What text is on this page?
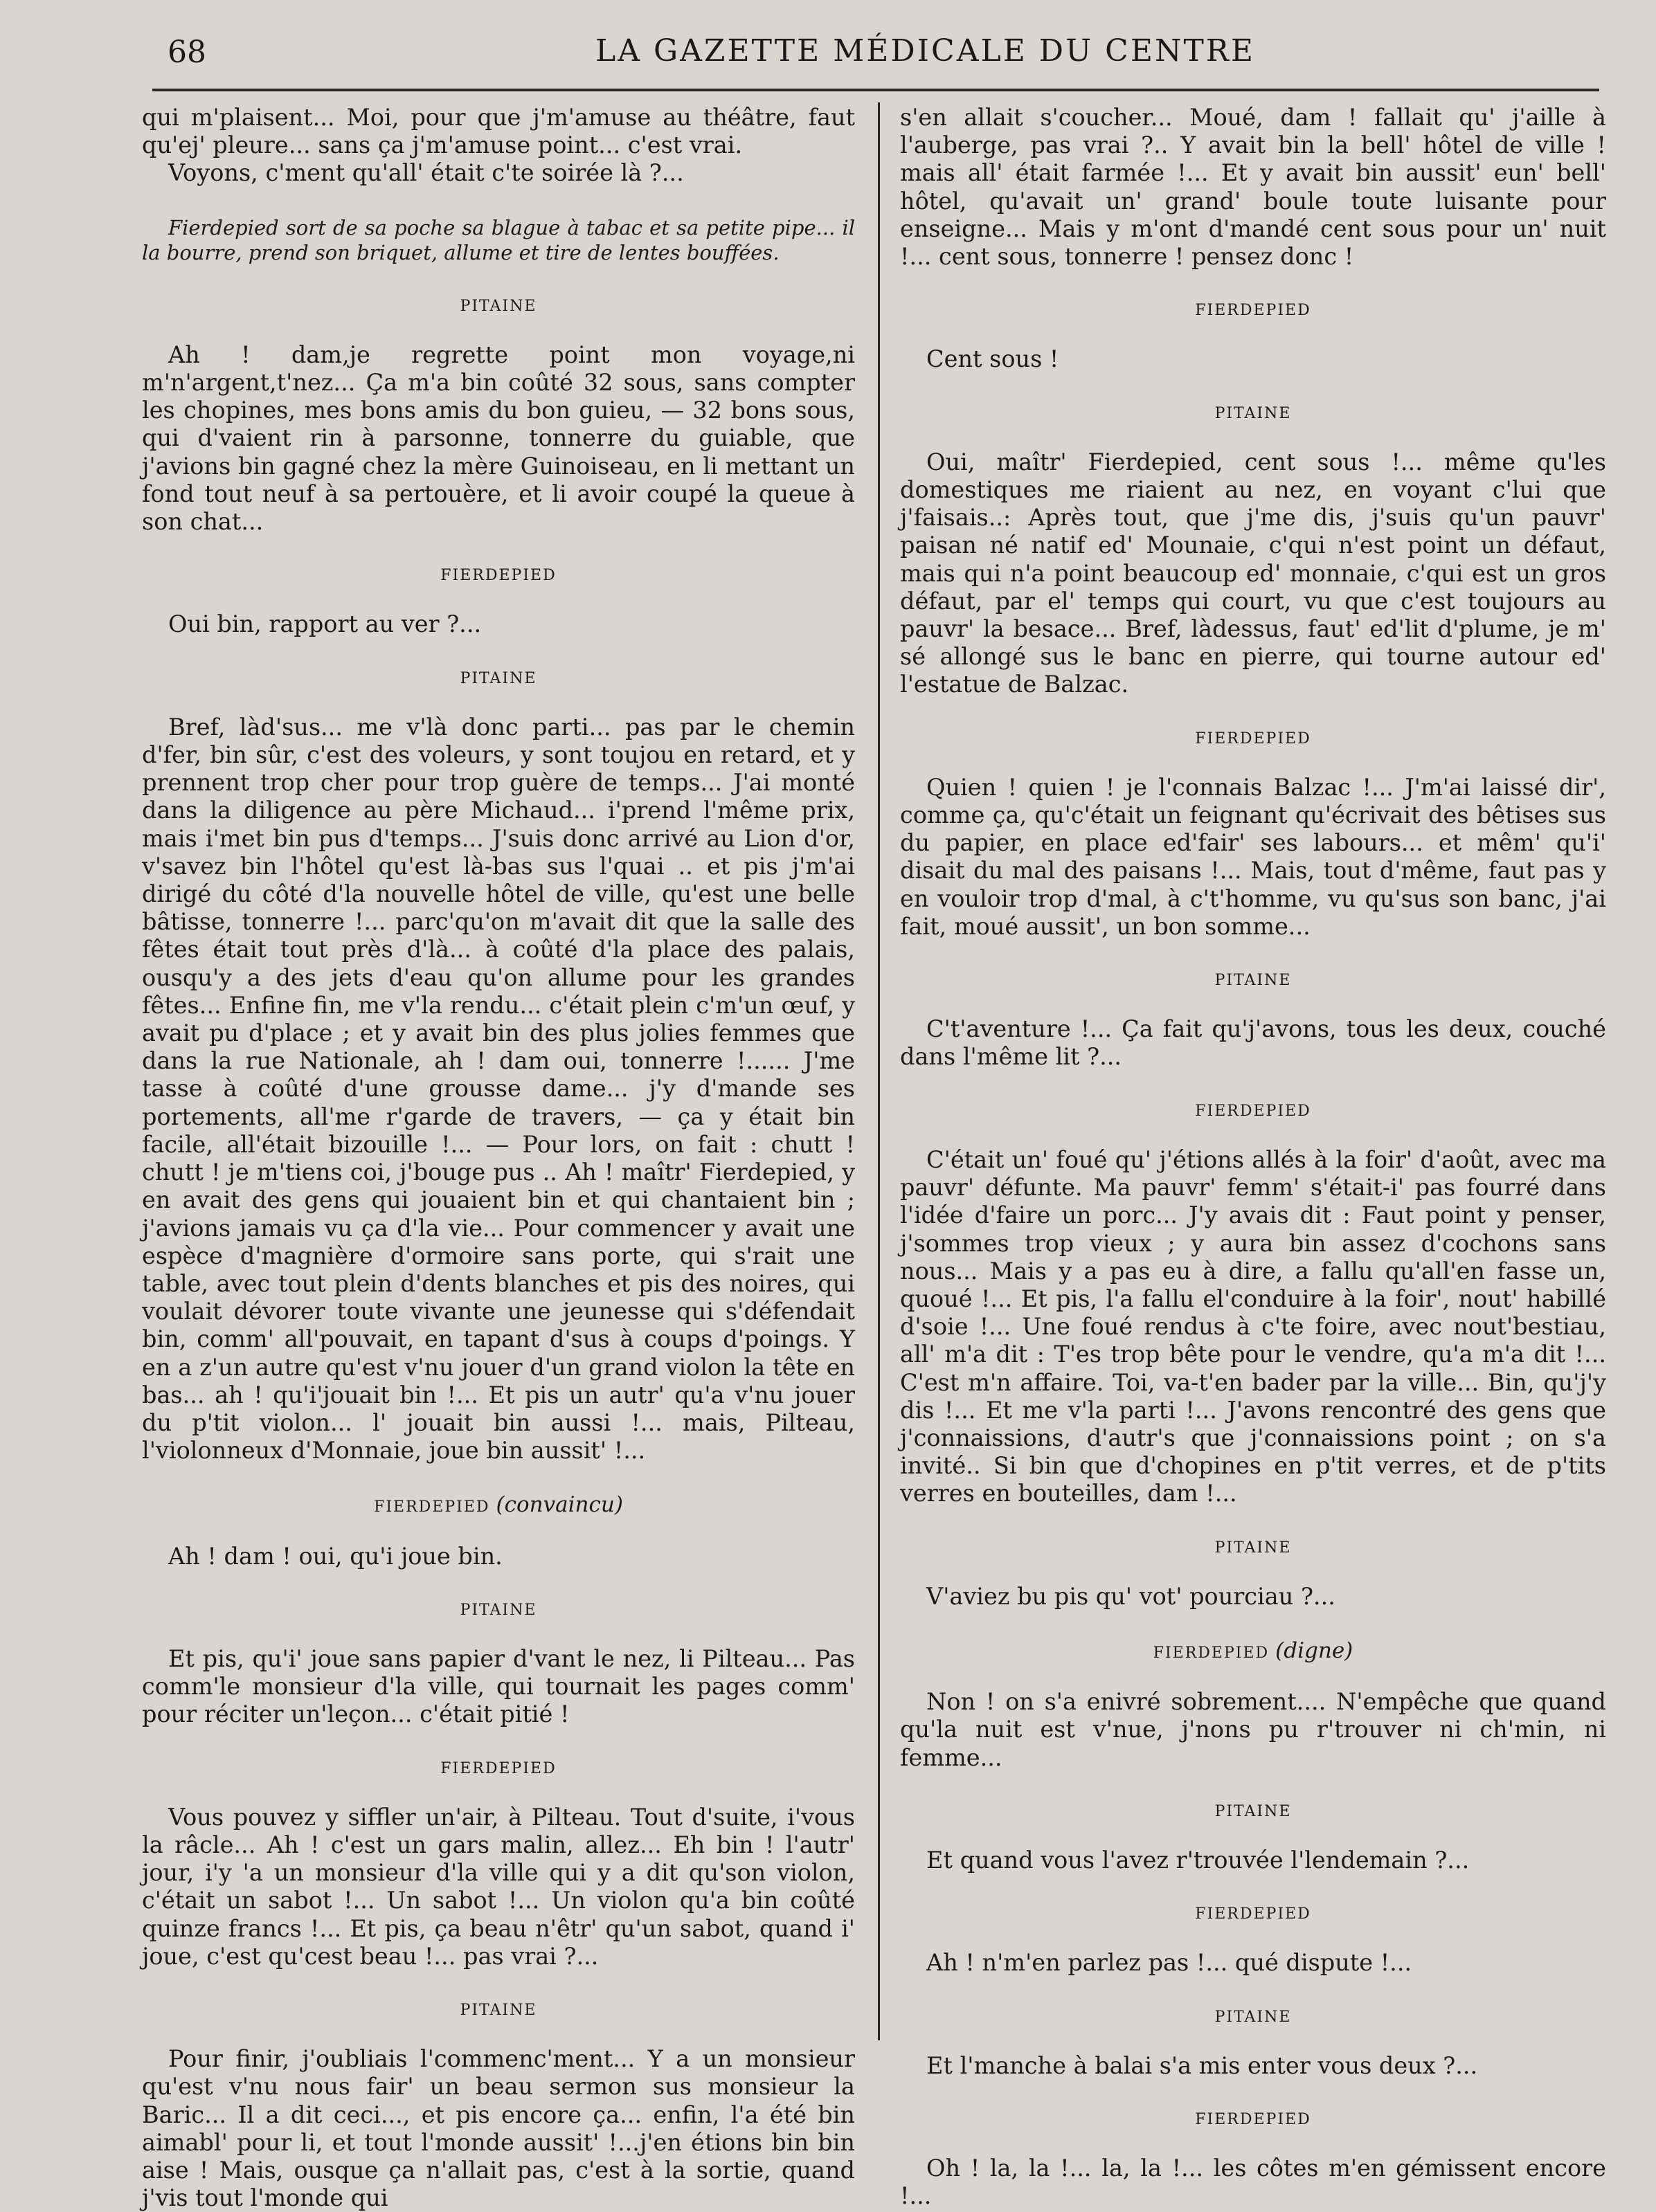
68	LA GAZETTE MÉDICALE DU CENTRE

qui m'plaisent... Moi, pour que j'm'amuse au théâtre, faut qu'ej' pleure... sans ça j'm'amuse point... c'est vrai.

Voyons, c'ment qu'all' était c'te soirée là ?...

Fierdepied sort de sa poche sa blague à tabac et sa petite pipe... il la bourre, prend son briquet, allume et tire de lentes bouffées.

PITAINE

Ah ! dam,je regrette point mon voyage,ni m'n'argent,t'nez... Ça m'a bin coûté 32 sous, sans compter les chopines, mes bons amis du bon guieu, — 32 bons sous, qui d'vaient rin à parsonne, tonnerre du guiable, que j'avions bin gagné chez la mère Guinoiseau, en li mettant un fond tout neuf à sa pertouère, et li avoir coupé la queue à son chat...

FIERDEPIED

Oui bin, rapport au ver ?...

PITAINE

Bref, làd'sus... me v'là donc parti... pas par le chemin d'fer, bin sûr, c'est des voleurs, y sont toujou en retard, et y prennent trop cher pour trop guère de temps... J'ai monté dans la diligence au père Michaud... i'prend l'même prix, mais i'met bin pus d'temps... J'suis donc arrivé au Lion d'or, v'savez bin l'hôtel qu'est là-bas sus l'quai .. et pis j'm'ai dirigé du côté d'la nouvelle hôtel de ville, qu'est une belle bâtisse, tonnerre !... parc'qu'on m'avait dit que la salle des fêtes était tout près d'là... à coûté d'la place des palais, ousqu'y a des jets d'eau qu'on allume pour les grandes fêtes... Enfine fin, me v'la rendu... c'était plein c'm'un œuf, y avait pu d'place ; et y avait bin des plus jolies femmes que dans la rue Nationale, ah ! dam oui, tonnerre !...... J'me tasse à coûté d'une grousse dame... j'y d'mande ses portements, all'me r'garde de travers, — ça y était bin facile, all'était bizouille !... — Pour lors, on fait : chutt ! chutt ! je m'tiens coi, j'bouge pus .. Ah ! maîtr' Fierdepied, y en avait des gens qui jouaient bin et qui chantaient bin ; j'avions jamais vu ça d'la vie... Pour commencer y avait une espèce d'magnière d'ormoire sans porte, qui s'rait une table, avec tout plein d'dents blanches et pis des noires, qui voulait dévorer toute vivante une jeunesse qui s'défendait bin, comm' all'pouvait, en tapant d'sus à coups d'poings. Y en a z'un autre qu'est v'nu jouer d'un grand violon la tête en bas... ah ! qu'i'jouait bin !... Et pis un autr' qu'a v'nu jouer du p'tit violon... l' jouait bin aussi !... mais, Pilteau, l'violonneux d'Monnaie, joue bin aussit' !...

FIERDEPIED (convaincu)

Ah ! dam ! oui, qu'i joue bin.

PITAINE

Et pis, qu'i' joue sans papier d'vant le nez, li Pilteau... Pas comm'le monsieur d'la ville, qui tournait les pages comm' pour réciter un'leçon... c'était pitié !

FIERDEPIED

Vous pouvez y siffler un'air, à Pilteau. Tout d'suite, i'vous la râcle... Ah ! c'est un gars malin, allez... Eh bin ! l'autr' jour, i'y 'a un monsieur d'la ville qui y a dit qu'son violon, c'était un sabot !... Un sabot !... Un violon qu'a bin coûté quinze francs !... Et pis, ça beau n'êtr' qu'un sabot, quand i' joue, c'est qu'cest beau !... pas vrai ?...

PITAINE

Pour finir, j'oubliais l'commenc'ment... Y a un monsieur qu'est v'nu nous fair' un beau sermon sus monsieur la Baric... Il a dit ceci..., et pis encore ça... enfin, l'a été bin aimabl' pour li, et tout l'monde aussit' !...j'en étions bin bin aise ! Mais, ousque ça n'allait pas, c'est à la sortie, quand j'vis tout l'monde qui

s'en allait s'coucher... Moué, dam ! fallait qu' j'aille à l'auberge, pas vrai ?.. Y avait bin la bell' hôtel de ville ! mais all' était farmée !... Et y avait bin aussit' eun' bell' hôtel, qu'avait un' grand' boule toute luisante pour enseigne... Mais y m'ont d'mandé cent sous pour un' nuit !... cent sous, tonnerre ! pensez donc !

FIERDEPIED

Cent sous !

PITAINE

Oui, maîtr' Fierdepied, cent sous !... même qu'les domestiques me riaient au nez, en voyant c'lui que j'faisais..: Après tout, que j'me dis, j'suis qu'un pauvr' paisan né natif ed' Mounaie, c'qui n'est point un défaut, mais qui n'a point beaucoup ed' monnaie, c'qui est un gros défaut, par el' temps qui court, vu que c'est toujours au pauvr' la besace... Bref, làdessus, faut' ed'lit d'plume, je m' sé allongé sus le banc en pierre, qui tourne autour ed' l'estatue de Balzac.

FIERDEPIED

Quien ! quien ! je l'connais Balzac !... J'm'ai laissé dir', comme ça, qu'c'était un feignant qu'écrivait des bêtises sus du papier, en place ed'fair' ses labours... et mêm' qu'i' disait du mal des paisans !... Mais, tout d'même, faut pas y en vouloir trop d'mal, à c't'homme, vu qu'sus son banc, j'ai fait, moué aussit', un bon somme...

PITAINE

C't'aventure !... Ça fait qu'j'avons, tous les deux, couché dans l'même lit ?...

FIERDEPIED

C'était un' foué qu' j'étions allés à la foir' d'août, avec ma pauvr' défunte. Ma pauvr' femm' s'était-i' pas fourré dans l'idée d'faire un porc... J'y avais dit : Faut point y penser, j'sommes trop vieux ; y aura bin assez d'cochons sans nous... Mais y a pas eu à dire, a fallu qu'all'en fasse un, quoué !... Et pis, l'a fallu el'conduire à la foir', nout' habillé d'soie !... Une foué rendus à c'te foire, avec nout'bestiau, all' m'a dit : T'es trop bête pour le vendre, qu'a m'a dit !... C'est m'n affaire. Toi, va-t'en bader par la ville... Bin, qu'j'y dis !... Et me v'la parti !... J'avons rencontré des gens que j'connaissions, d'autr's que j'connaissions point ; on s'a invité.. Si bin que d'chopines en p'tit verres, et de p'tits verres en bouteilles, dam !...

PITAINE

V'aviez bu pis qu' vot' pourciau ?...

FIERDEPIED (digne)

Non ! on s'a enivré sobrement.... N'empêche que quand qu'la nuit est v'nue, j'nons pu r'trouver ni ch'min, ni femme...

PITAINE

Et quand vous l'avez r'trouvée l'lendemain ?...

FIERDEPIED

Ah ! n'm'en parlez pas !... qué dispute !...

PITAINE

Et l'manche à balai s'a mis enter vous deux ?...

FIERDEPIED

Oh ! la, la !... la, la !... les côtes m'en gémissent encore !...
